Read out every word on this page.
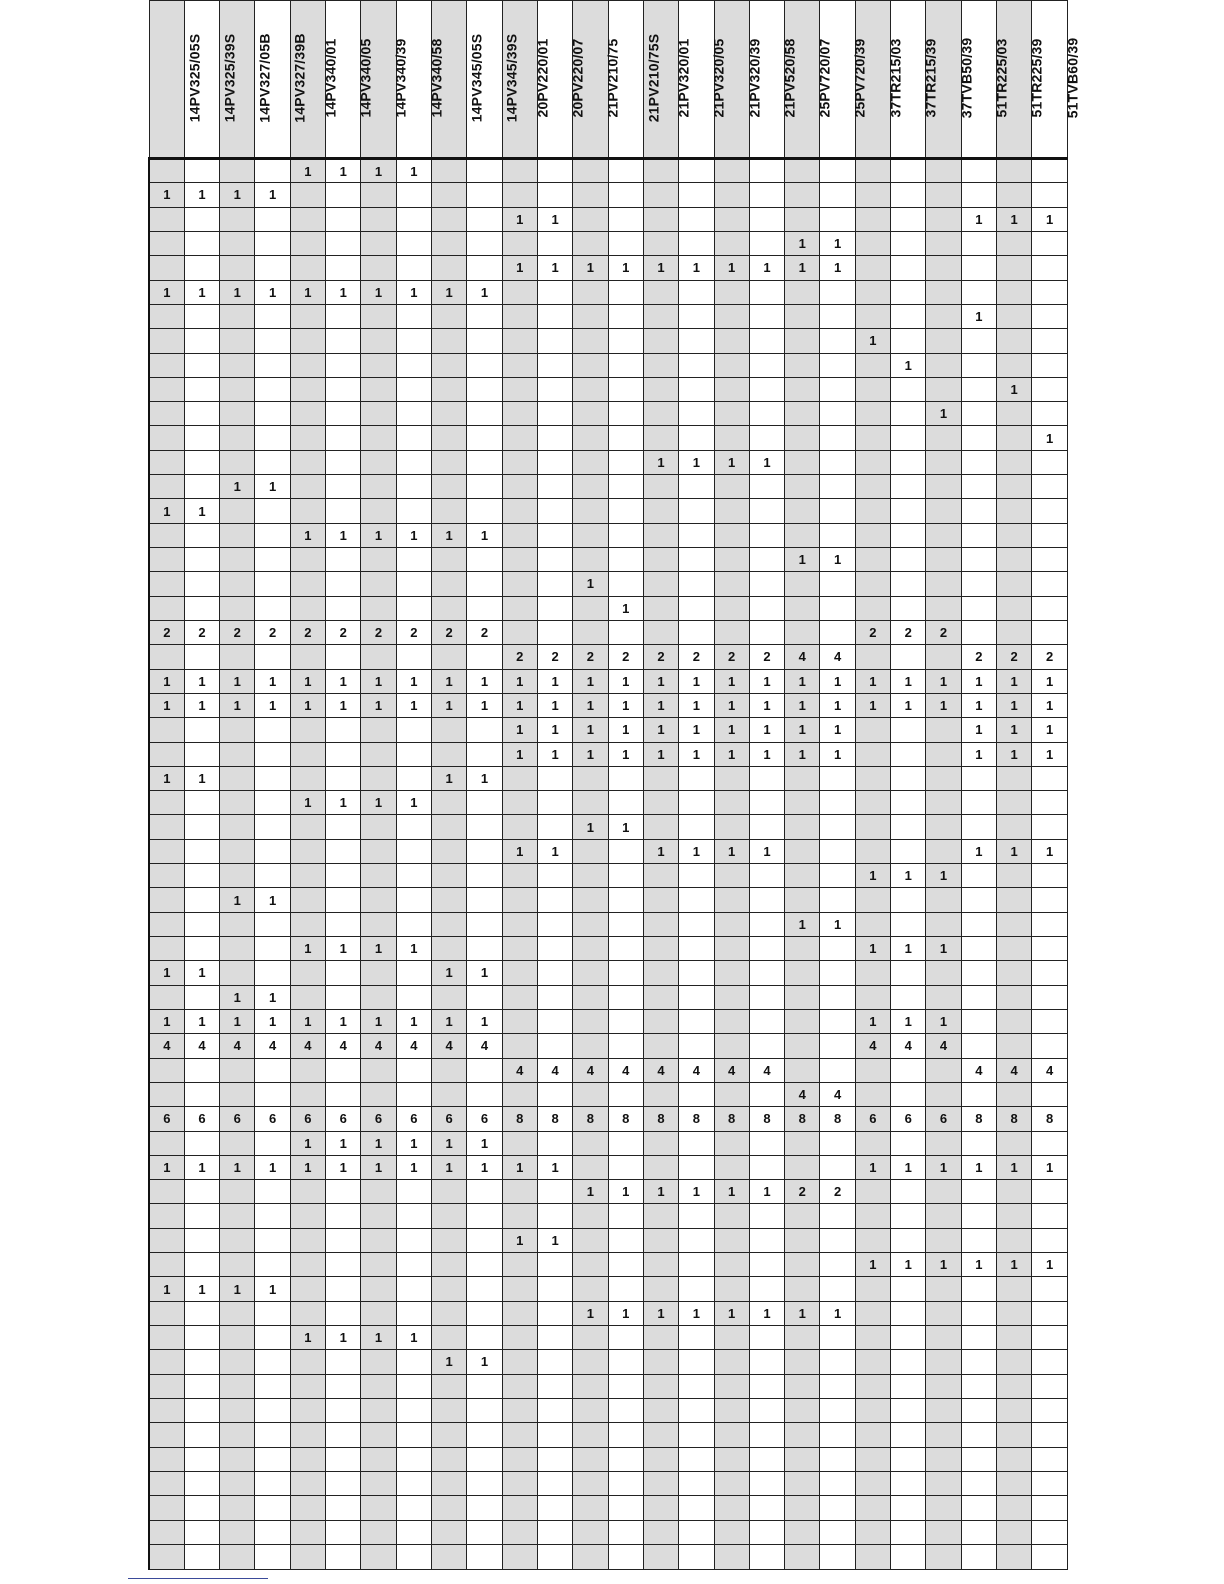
14PV325/05S	14PV325/39S	14PV327/05B	14PV327/39B	14PV340/01	14PV340/05	14PV340/39	14PV340/58	14PV345/05S	14PV345/39S	20PV220/01	20PV220/07	21PV210/75	21PV210/75S	21PV320/01	21PV320/05	21PV320/39	21PV520/58	25PV720/07	25PV720/39	37TR215/03	37TR215/39	37TVB50/39	51TR225/03	51TR225/39	51TVB60/39
				1	1	1	1																		
1	1	1	1																						
										1	1												1	1	1
																		1	1						
										1	1	1	1	1	1	1	1	1	1						
1	1	1	1	1	1	1	1	1	1																
																							1		
																				1					
																					1				
																								1	
																						1			
																									1
														1	1	1	1								
		1	1																						
1	1																								
				1	1	1	1	1	1																
																		1	1						
												1													
													1												
2	2	2	2	2	2	2	2	2	2											2	2	2			
										2	2	2	2	2	2	2	2	4	4				2	2	2
1	1	1	1	1	1	1	1	1	1	1	1	1	1	1	1	1	1	1	1	1	1	1	1	1	1
1	1	1	1	1	1	1	1	1	1	1	1	1	1	1	1	1	1	1	1	1	1	1	1	1	1
										1	1	1	1	1	1	1	1	1	1				1	1	1
										1	1	1	1	1	1	1	1	1	1				1	1	1
1	1							1	1																
				1	1	1	1																		
												1	1												
										1	1			1	1	1	1						1	1	1
																				1	1	1			
		1	1																						
																		1	1						
				1	1	1	1													1	1	1			
1	1							1	1																
		1	1																						
1	1	1	1	1	1	1	1	1	1											1	1	1			
4	4	4	4	4	4	4	4	4	4											4	4	4			
										4	4	4	4	4	4	4	4						4	4	4
																		4	4						
6	6	6	6	6	6	6	6	6	6	8	8	8	8	8	8	8	8	8	8	6	6	6	8	8	8
				1	1	1	1	1	1																
1	1	1	1	1	1	1	1	1	1	1	1									1	1	1	1	1	1
												1	1	1	1	1	1	2	2						

										1	1														
																				1	1	1	1	1	1
1	1	1	1																						
												1	1	1	1	1	1	1	1						
				1	1	1	1																		
								1	1																
